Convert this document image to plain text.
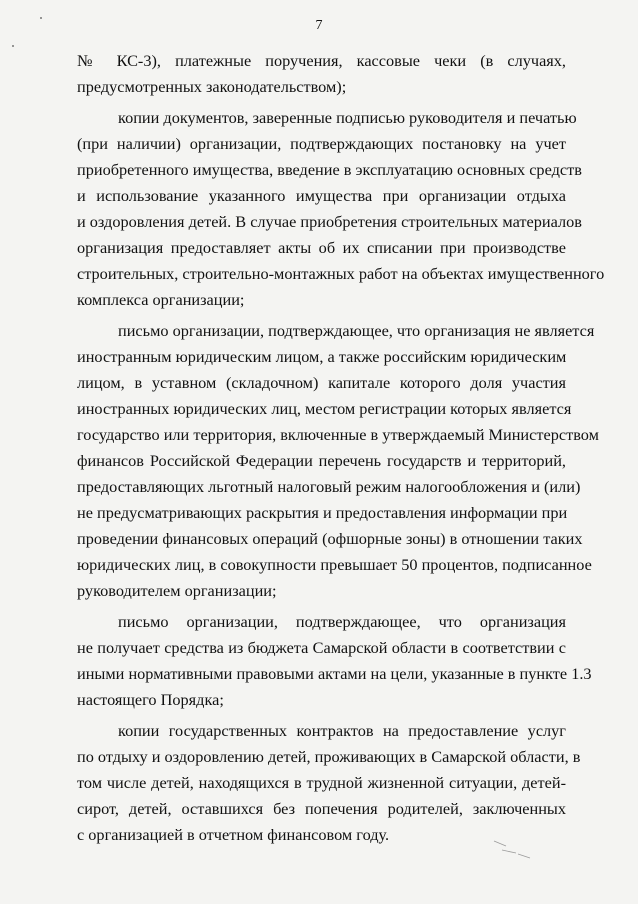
7
№ КС-3), платежные поручения, кассовые чеки (в случаях,
предусмотренных законодательством);
копии документов, заверенные подписью руководителя и печатью
(при наличии) организации, подтверждающих постановку на учет
приобретенного имущества, введение в эксплуатацию основных средств
и использование указанного имущества при организации отдыха
и оздоровления детей. В случае приобретения строительных материалов
организация предоставляет акты об их списании при производстве
строительных, строительно-монтажных работ на объектах имущественного
комплекса организации;
письмо организации, подтверждающее, что организация не является
иностранным юридическим лицом, а также российским юридическим
лицом, в уставном (складочном) капитале которого доля участия
иностранных юридических лиц, местом регистрации которых является
государство или территория, включенные в утверждаемый Министерством
финансов Российской Федерации перечень государств и территорий,
предоставляющих льготный налоговый режим налогообложения и (или)
не предусматривающих раскрытия и предоставления информации при
проведении финансовых операций (офшорные зоны) в отношении таких
юридических лиц, в совокупности превышает 50 процентов, подписанное
руководителем организации;
письмо организации, подтверждающее, что организация
не получает средства из бюджета Самарской области в соответствии с
иными нормативными правовыми актами на цели, указанные в пункте 1.3
настоящего Порядка;
копии государственных контрактов на предоставление услуг
по отдыху и оздоровлению детей, проживающих в Самарской области, в
том числе детей, находящихся в трудной жизненной ситуации, детей-
сирот, детей, оставшихся без попечения родителей, заключенных
с организацией в отчетном финансовом году.
